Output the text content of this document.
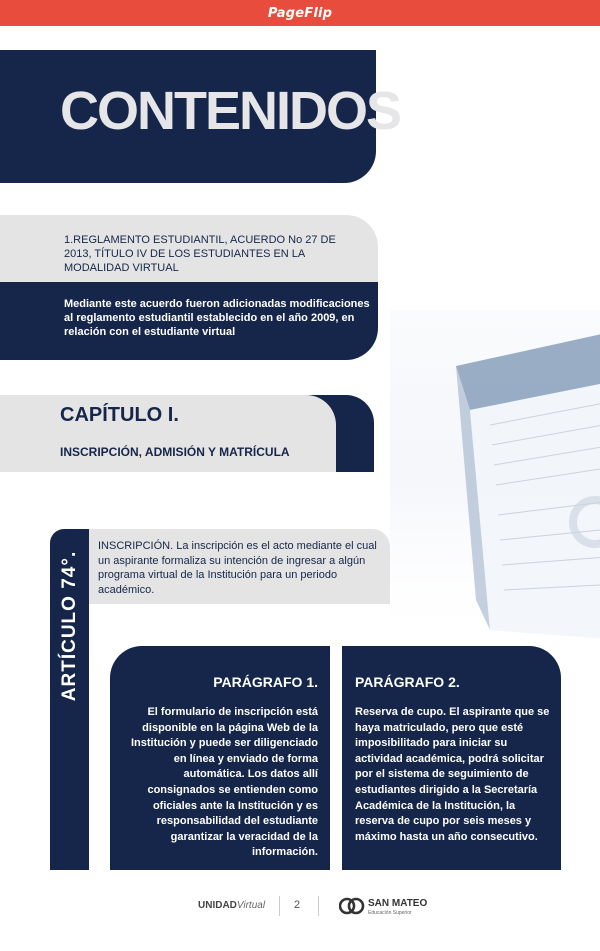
PageFlip
CONTENIDOS
1.REGLAMENTO ESTUDIANTIL, ACUERDO No 27 DE 2013, TÍTULO IV DE LOS ESTUDIANTES EN LA MODALIDAD VIRTUAL
Mediante este acuerdo fueron adicionadas modificaciones al reglamento estudiantil establecido en el año 2009, en relación con el estudiante virtual
CAPÍTULO I.
INSCRIPCIÓN, ADMISIÓN Y MATRÍCULA
ARTÍCULO 74°.
INSCRIPCIÓN. La inscripción es el acto mediante el cual un aspirante formaliza su intención de ingresar a algún programa virtual de la Institución para un periodo académico.
PARÁGRAFO 1.
El formulario de inscripción está disponible en la página Web de la Institución y puede ser diligenciado en línea y enviado de forma automática. Los datos allí consignados se entienden como oficiales ante la Institución y es responsabilidad del estudiante garantizar la veracidad de la información.
PARÁGRAFO 2.
Reserva de cupo. El aspirante que se haya matriculado, pero que esté imposibilitado para iniciar su actividad académica, podrá solicitar por el sistema de seguimiento de estudiantes dirigido a la Secretaría Académica de la Institución, la reserva de cupo por seis meses y máximo hasta un año consecutivo.
UNIDADVirtual	2	SAN MATEO
Educación Superior
